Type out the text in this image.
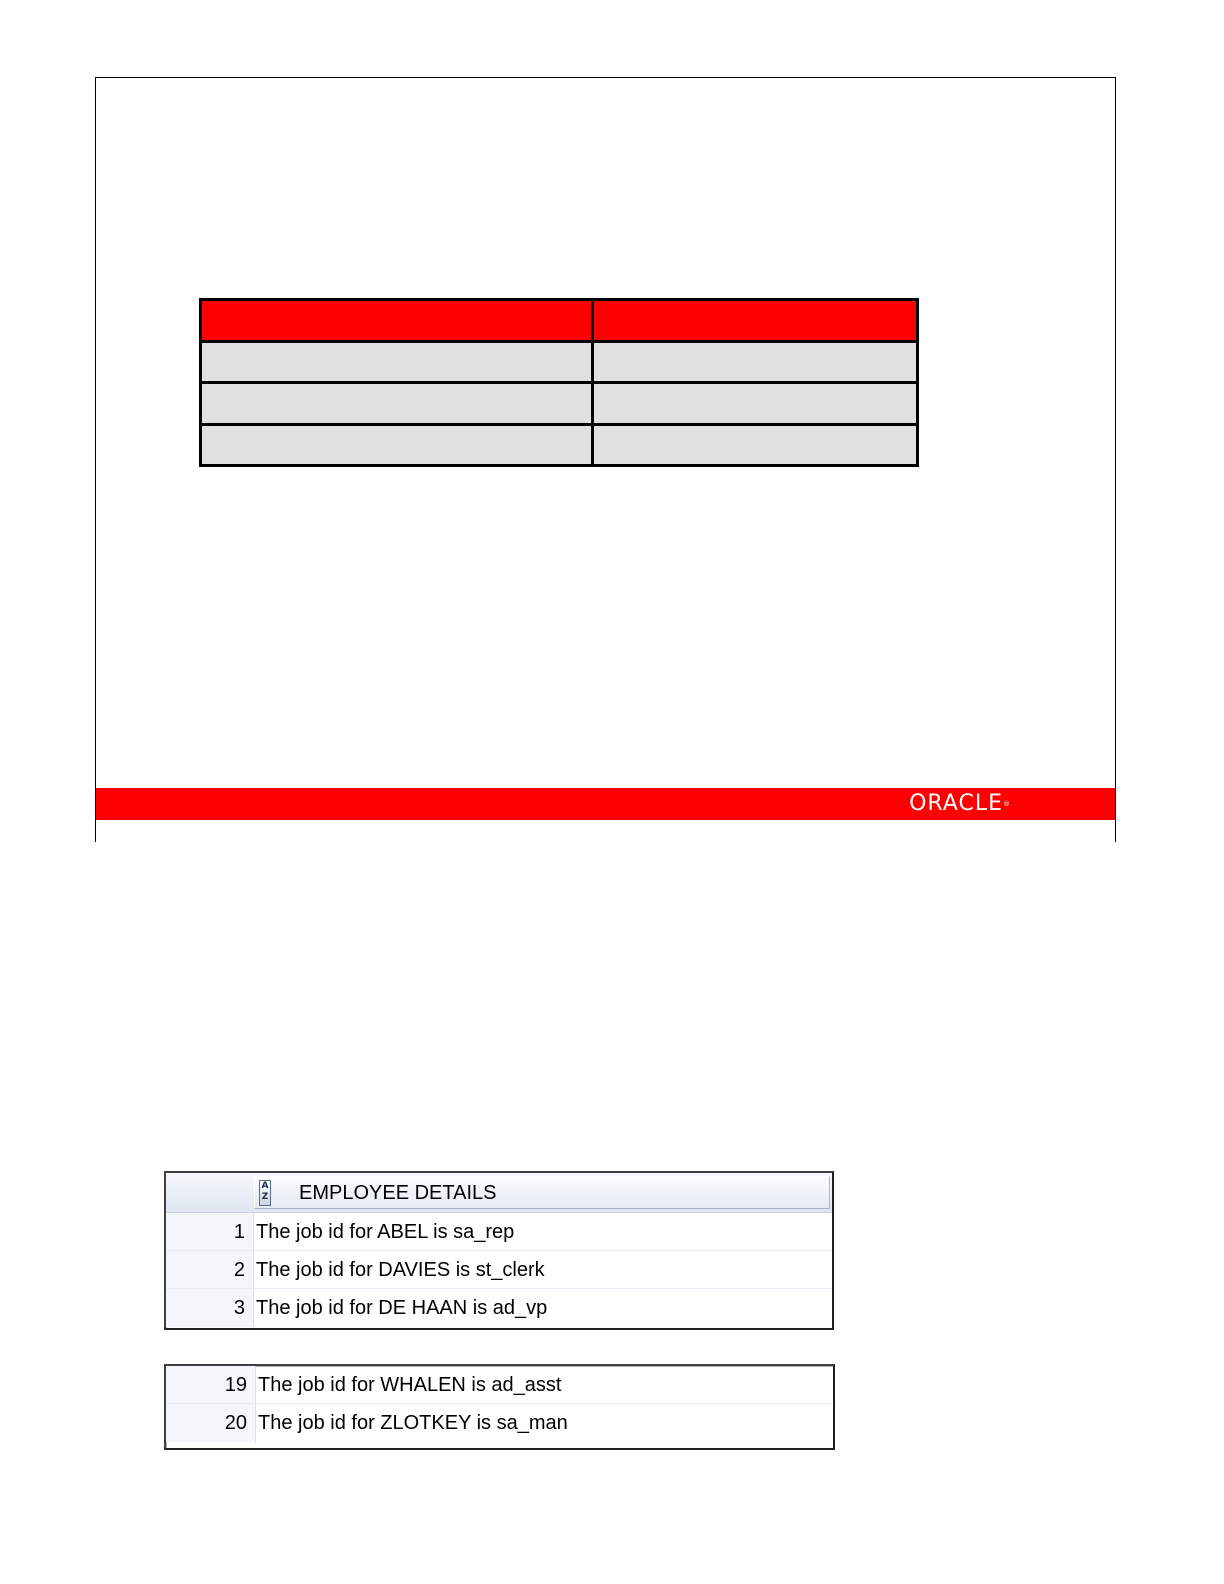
ORACLE®
A
Z EMPLOYEE DETAILS
1 The job id for ABEL is sa_rep
2 The job id for DAVIES is st_clerk
3 The job id for DE HAAN is ad_vp
19 The job id for WHALEN is ad_asst
20 The job id for ZLOTKEY is sa_man
